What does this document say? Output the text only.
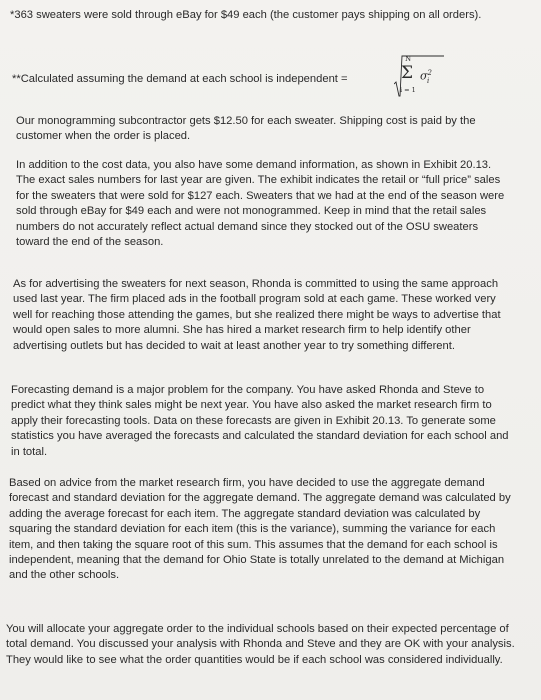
*363 sweaters were sold through eBay for $49 each (the customer pays shipping on all orders).

**Calculated assuming the demand at each school is independent =

N
Σ
i = 1
$\sigma^2_i$

Our monogramming subcontractor gets $12.50 for each sweater. Shipping cost is paid by the customer when the order is placed.

In addition to the cost data, you also have some demand information, as shown in Exhibit 20.13. The exact sales numbers for last year are given. The exhibit indicates the retail or “full price” sales for the sweaters that were sold for $127 each. Sweaters that we had at the end of the season were sold through eBay for $49 each and were not monogrammed. Keep in mind that the retail sales numbers do not accurately reflect actual demand since they stocked out of the OSU sweaters toward the end of the season.

As for advertising the sweaters for next season, Rhonda is committed to using the same approach used last year. The firm placed ads in the football program sold at each game. These worked very well for reaching those attending the games, but she realized there might be ways to advertise that would open sales to more alumni. She has hired a market research firm to help identify other advertising outlets but has decided to wait at least another year to try something different.

Forecasting demand is a major problem for the company. You have asked Rhonda and Steve to predict what they think sales might be next year. You have also asked the market research firm to apply their forecasting tools. Data on these forecasts are given in Exhibit 20.13. To generate some statistics you have averaged the forecasts and calculated the standard deviation for each school and in total.

Based on advice from the market research firm, you have decided to use the aggregate demand forecast and standard deviation for the aggregate demand. The aggregate demand was calculated by adding the average forecast for each item. The aggregate standard deviation was calculated by squaring the standard deviation for each item (this is the variance), summing the variance for each item, and then taking the square root of this sum. This assumes that the demand for each school is independent, meaning that the demand for Ohio State is totally unrelated to the demand at Michigan and the other schools.

You will allocate your aggregate order to the individual schools based on their expected percentage of total demand. You discussed your analysis with Rhonda and Steve and they are OK with your analysis. They would like to see what the order quantities would be if each school was considered individually.
